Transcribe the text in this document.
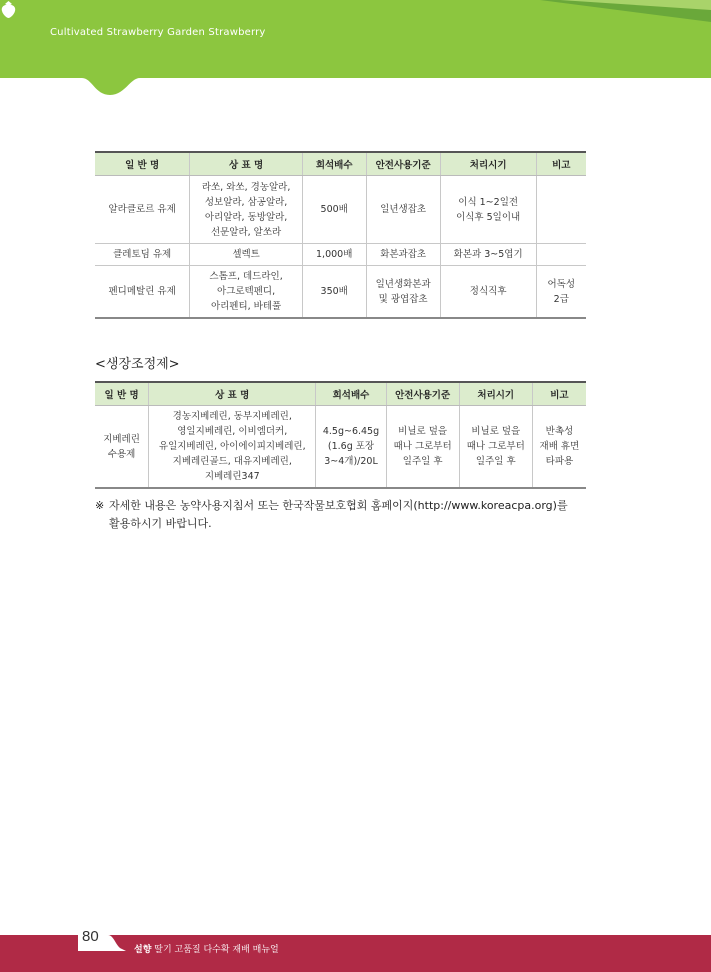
Cultivated Strawberry Garden Strawberry
일 반 명	상 표 명	희석배수	안전사용기준	처리시기	비고
알라클로르 유제	라쏘, 와쏘, 경농알라,
성보알라, 삼공알라,
아리알라, 동방알라,
선문알라, 알쏘라	500배	일년생잡초	이식 1~2일전
이식후 5일이내	
클레토딤 유제	셀렉트	1,000배	화본과잡초	화본과 3~5엽기	
펜디메탈린 유제	스톰프, 데드라인,
아그로텍펜디,
아리펜티, 바테풀	350배	일년생화본과
및 광엽잡초	정식직후	어독성
2급
<생장조정제>
일 반 명	상 표 명	희석배수	안전사용기준	처리시기	비고
지베레린
수용제	경농지베레린, 동부지베레린,
영일지베레린, 이비엠더커,
유일지베레린, 아이에이피지베레린,
지베레린골드, 대유지베레린,
지베레린347	4.5g~6.45g
(1.6g 포장
3~4개)/20L	비닐로 덮을
때나 그로부터
일주일 후	비닐로 덮을
때나 그로부터
일주일 후	반촉성
재배 휴면
타파용
※ 자세한 내용은 농약사용지침서 또는 한국작물보호협회 홈페이지(http://www.koreacpa.org)를
활용하시기 바랍니다.
80
설향 딸기 고품질 다수확 재배 매뉴얼
